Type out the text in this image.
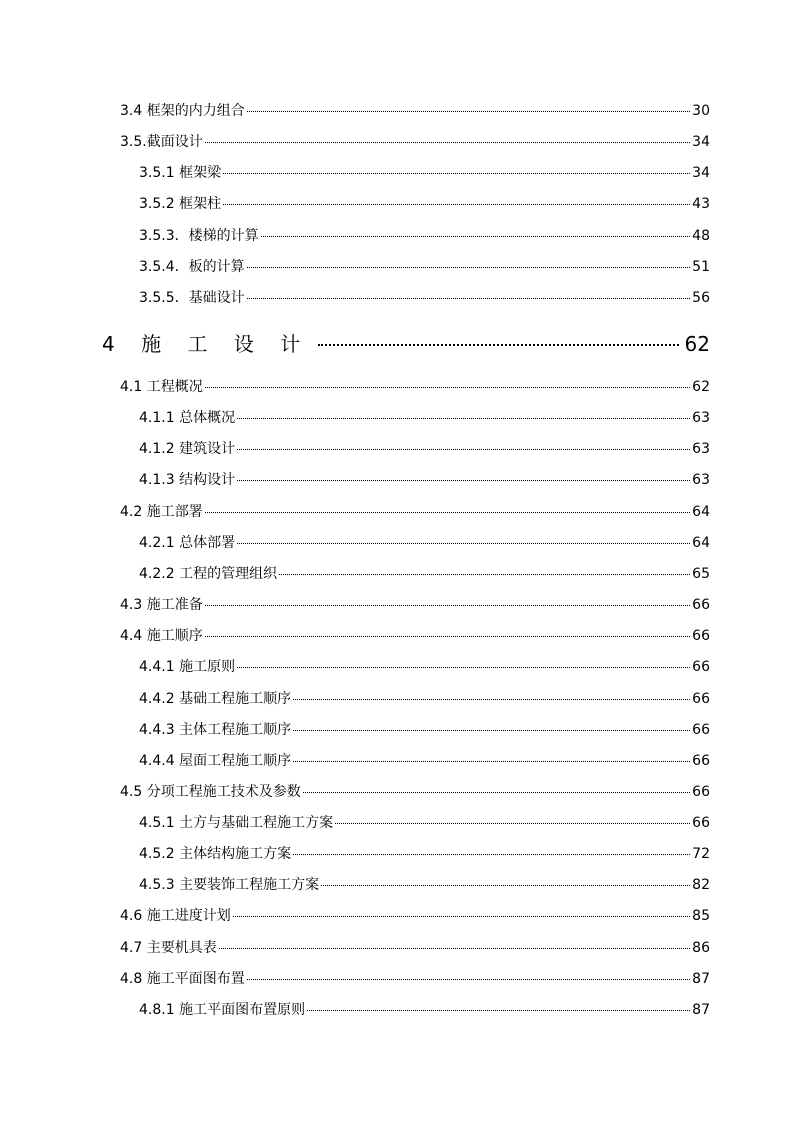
3.4 框架的内力组合	30
3.5.截面设计	34
3.5.1 框架梁	34
3.5.2 框架柱	43
3.5.3．楼梯的计算	48
3.5.4．板的计算	51
3.5.5．基础设计	56
4 施 工 设 计	62
4.1 工程概况	62
4.1.1 总体概况	63
4.1.2 建筑设计	63
4.1.3 结构设计	63
4.2 施工部署	64
4.2.1 总体部署	64
4.2.2 工程的管理组织	65
4.3 施工准备	66
4.4 施工顺序	66
4.4.1 施工原则	66
4.4.2 基础工程施工顺序	66
4.4.3 主体工程施工顺序	66
4.4.4 屋面工程施工顺序	66
4.5 分项工程施工技术及参数	66
4.5.1 土方与基础工程施工方案	66
4.5.2 主体结构施工方案	72
4.5.3 主要装饰工程施工方案	82
4.6 施工进度计划	85
4.7 主要机具表	86
4.8 施工平面图布置	87
4.8.1 施工平面图布置原则	87
